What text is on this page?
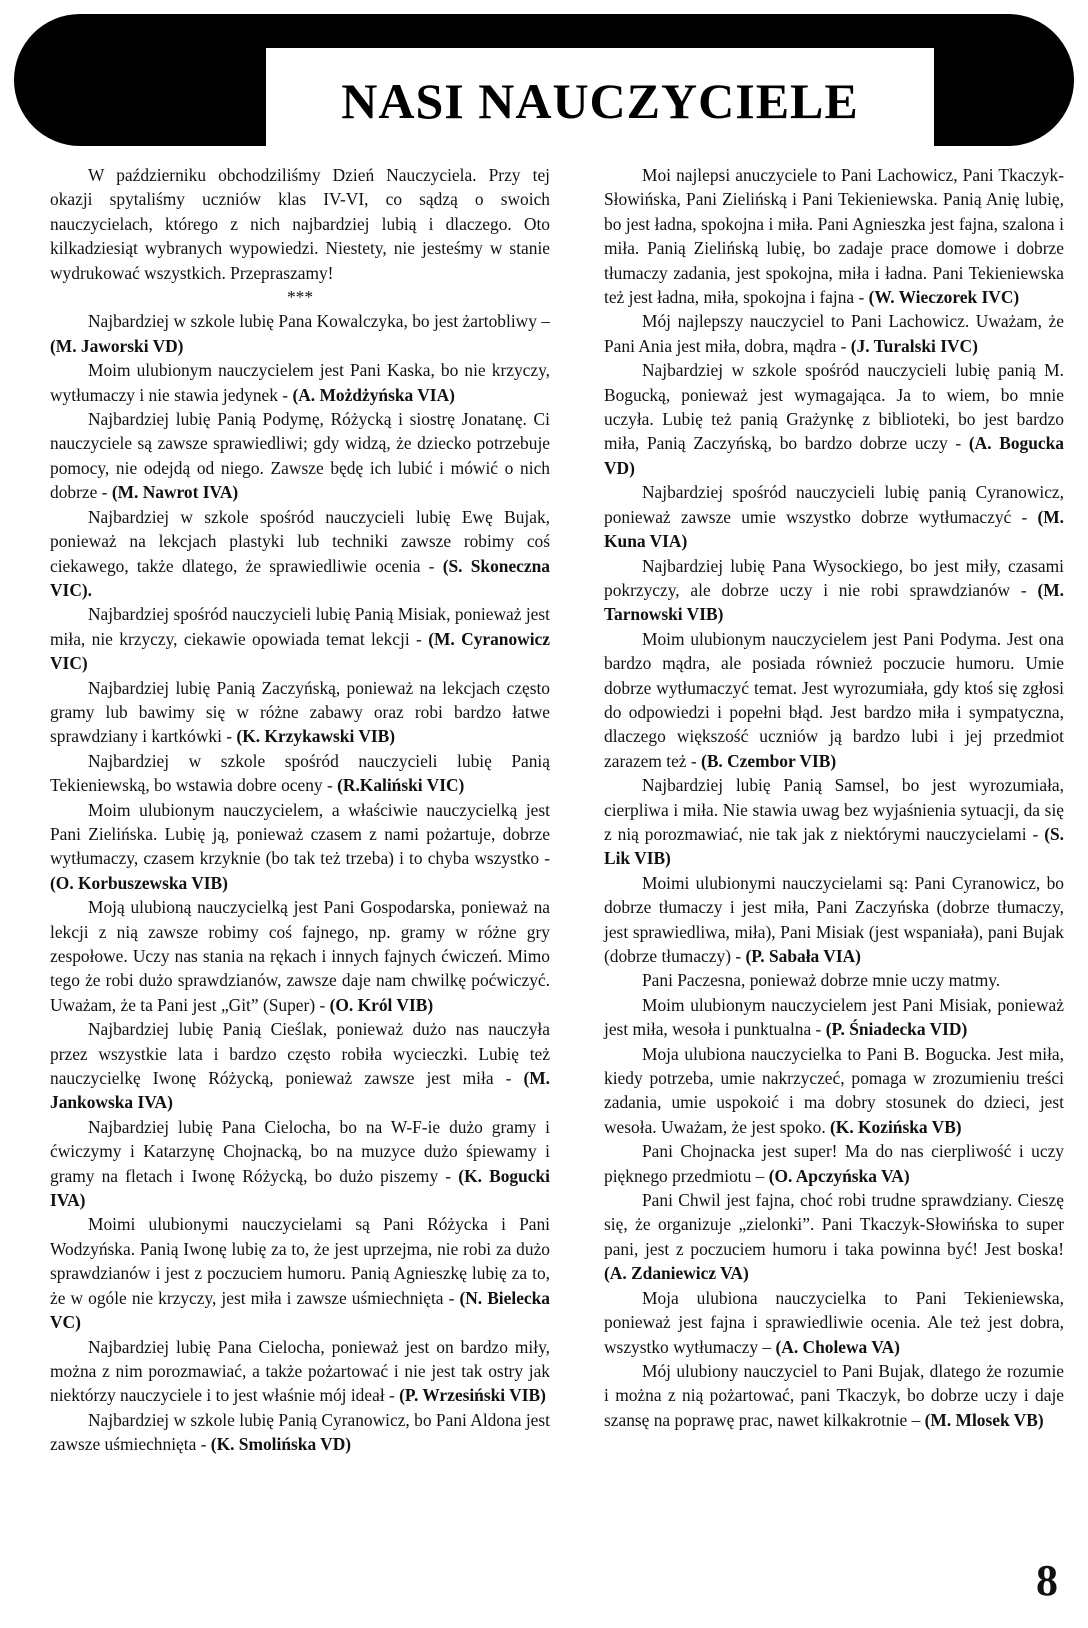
NASI NAUCZYCIELE

W październiku obchodziliśmy Dzień Nauczyciela. Przy tej okazji spytaliśmy uczniów klas IV-VI, co sądzą o swoich nauczycielach, którego z nich najbardziej lubią i dlaczego. Oto kilkadziesiąt wybranych wypowiedzi. Niestety, nie jesteśmy w stanie wydrukować wszystkich. Przepraszamy!

***

Najbardziej w szkole lubię Pana Kowalczyka, bo jest żartobliwy – (M. Jaworski VD)

Moim ulubionym nauczycielem jest Pani Kaska, bo nie krzyczy, wytłumaczy i nie stawia jedynek - (A. Możdżyńska VIA)

Najbardziej lubię Panią Podymę, Różycką i siostrę Jonatanę. Ci nauczyciele są zawsze sprawiedliwi; gdy widzą, że dziecko potrzebuje pomocy, nie odejdą od niego. Zawsze będę ich lubić i mówić o nich dobrze - (M. Nawrot IVA)

Najbardziej w szkole spośród nauczycieli lubię Ewę Bujak, ponieważ na lekcjach plastyki lub techniki zawsze robimy coś ciekawego, także dlatego, że sprawiedliwie ocenia - (S. Skoneczna VIC).

Najbardziej spośród nauczycieli lubię Panią Misiak, ponieważ jest miła, nie krzyczy, ciekawie opowiada temat lekcji - (M. Cyranowicz VIC)

Najbardziej lubię Panią Zaczyńską, ponieważ na lekcjach często gramy lub bawimy się w różne zabawy oraz robi bardzo łatwe sprawdziany i kartkówki - (K. Krzykawski VIB)

Najbardziej w szkole spośród nauczycieli lubię Panią Tekieniewską, bo wstawia dobre oceny - (R.Kaliński VIC)

Moim ulubionym nauczycielem, a właściwie nauczycielką jest Pani Zielińska. Lubię ją, ponieważ czasem z nami pożartuje, dobrze wytłumaczy, czasem krzyknie (bo tak też trzeba) i to chyba wszystko - (O. Korbuszewska VIB)

Moją ulubioną nauczycielką jest Pani Gospodarska, ponieważ na lekcji z nią zawsze robimy coś fajnego, np. gramy w różne gry zespołowe. Uczy nas stania na rękach i innych fajnych ćwiczeń. Mimo tego że robi dużo sprawdzianów, zawsze daje nam chwilkę poćwiczyć. Uważam, że ta Pani jest „Git” (Super) - (O. Król VIB)

Najbardziej lubię Panią Cieślak, ponieważ dużo nas nauczyła przez wszystkie lata i bardzo często robiła wycieczki. Lubię też nauczycielkę Iwonę Różycką, ponieważ zawsze jest miła - (M. Jankowska IVA)

Najbardziej lubię Pana Cielocha, bo na W-F-ie dużo gramy i ćwiczymy i Katarzynę Chojnacką, bo na muzyce dużo śpiewamy i gramy na fletach i Iwonę Różycką, bo dużo piszemy - (K. Bogucki IVA)

Moimi ulubionymi nauczycielami są Pani Różycka i Pani Wodzyńska. Panią Iwonę lubię za to, że jest uprzejma, nie robi za dużo sprawdzianów i jest z poczuciem humoru. Panią Agnieszkę lubię za to, że w ogóle nie krzyczy, jest miła i zawsze uśmiechnięta - (N. Bielecka VC)

Najbardziej lubię Pana Cielocha, ponieważ jest on bardzo miły, można z nim porozmawiać, a także pożartować i nie jest tak ostry jak niektórzy nauczyciele i to jest właśnie mój ideał - (P. Wrzesiński VIB)

Najbardziej w szkole lubię Panią Cyranowicz, bo Pani Aldona jest zawsze uśmiechnięta - (K. Smolińska VD)

Moi najlepsi anuczyciele to Pani Lachowicz, Pani Tkaczyk-Słowińska, Pani Zielińską i Pani Tekieniewska. Panią Anię lubię, bo jest ładna, spokojna i miła. Pani Agnieszka jest fajna, szalona i miła. Panią Zielińską lubię, bo zadaje prace domowe i dobrze tłumaczy zadania, jest spokojna, miła i ładna. Pani Tekieniewska też jest ładna, miła, spokojna i fajna - (W. Wieczorek IVC)

Mój najlepszy nauczyciel to Pani Lachowicz. Uważam, że Pani Ania jest miła, dobra, mądra - (J. Turalski IVC)

Najbardziej w szkole spośród nauczycieli lubię panią M. Bogucką, ponieważ jest wymagająca. Ja to wiem, bo mnie uczyła. Lubię też panią Grażynkę z biblioteki, bo jest bardzo miła, Panią Zaczyńską, bo bardzo dobrze uczy - (A. Bogucka VD)

Najbardziej spośród nauczycieli lubię panią Cyranowicz, ponieważ zawsze umie wszystko dobrze wytłumaczyć - (M. Kuna VIA)

Najbardziej lubię Pana Wysockiego, bo jest miły, czasami pokrzyczy, ale dobrze uczy i nie robi sprawdzianów - (M. Tarnowski VIB)

Moim ulubionym nauczycielem jest Pani Podyma. Jest ona bardzo mądra, ale posiada również poczucie humoru. Umie dobrze wytłumaczyć temat. Jest wyrozumiała, gdy ktoś się zgłosi do odpowiedzi i popełni błąd. Jest bardzo miła i sympatyczna, dlaczego większość uczniów ją bardzo lubi i jej przedmiot zarazem też - (B. Czembor VIB)

Najbardziej lubię Panią Samsel, bo jest wyrozumiała, cierpliwa i miła. Nie stawia uwag bez wyjaśnienia sytuacji, da się z nią porozmawiać, nie tak jak z niektórymi nauczycielami - (S. Lik VIB)

Moimi ulubionymi nauczycielami są: Pani Cyranowicz, bo dobrze tłumaczy i jest miła, Pani Zaczyńska (dobrze tłumaczy, jest sprawiedliwa, miła), Pani Misiak (jest wspaniała), pani Bujak (dobrze tłumaczy) - (P. Sabała VIA)

Pani Paczesna, ponieważ dobrze mnie uczy matmy.

Moim ulubionym nauczycielem jest Pani Misiak, ponieważ jest miła, wesoła i punktualna - (P. Śniadecka VID)

Moja ulubiona nauczycielka to Pani B. Bogucka. Jest miła, kiedy potrzeba, umie nakrzyczeć, pomaga w zrozumieniu treści zadania, umie uspokoić i ma dobry stosunek do dzieci, jest wesoła. Uważam, że jest spoko. (K. Kozińska VB)

Pani Chojnacka jest super! Ma do nas cierpliwość i uczy pięknego przedmiotu – (O. Apczyńska VA)

Pani Chwil jest fajna, choć robi trudne sprawdziany. Cieszę się, że organizuje „zielonki”. Pani Tkaczyk-Słowińska to super pani, jest z poczuciem humoru i taka powinna być! Jest boska! (A. Zdaniewicz VA)

Moja ulubiona nauczycielka to Pani Tekieniewska, ponieważ jest fajna i sprawiedliwie ocenia. Ale też jest dobra, wszystko wytłumaczy – (A. Cholewa VA)

Mój ulubiony nauczyciel to Pani Bujak, dlatego że rozumie i można z nią pożartować, pani Tkaczyk, bo dobrze uczy i daje szansę na poprawę prac, nawet kilkakrotnie – (M. Mlosek VB)

8
